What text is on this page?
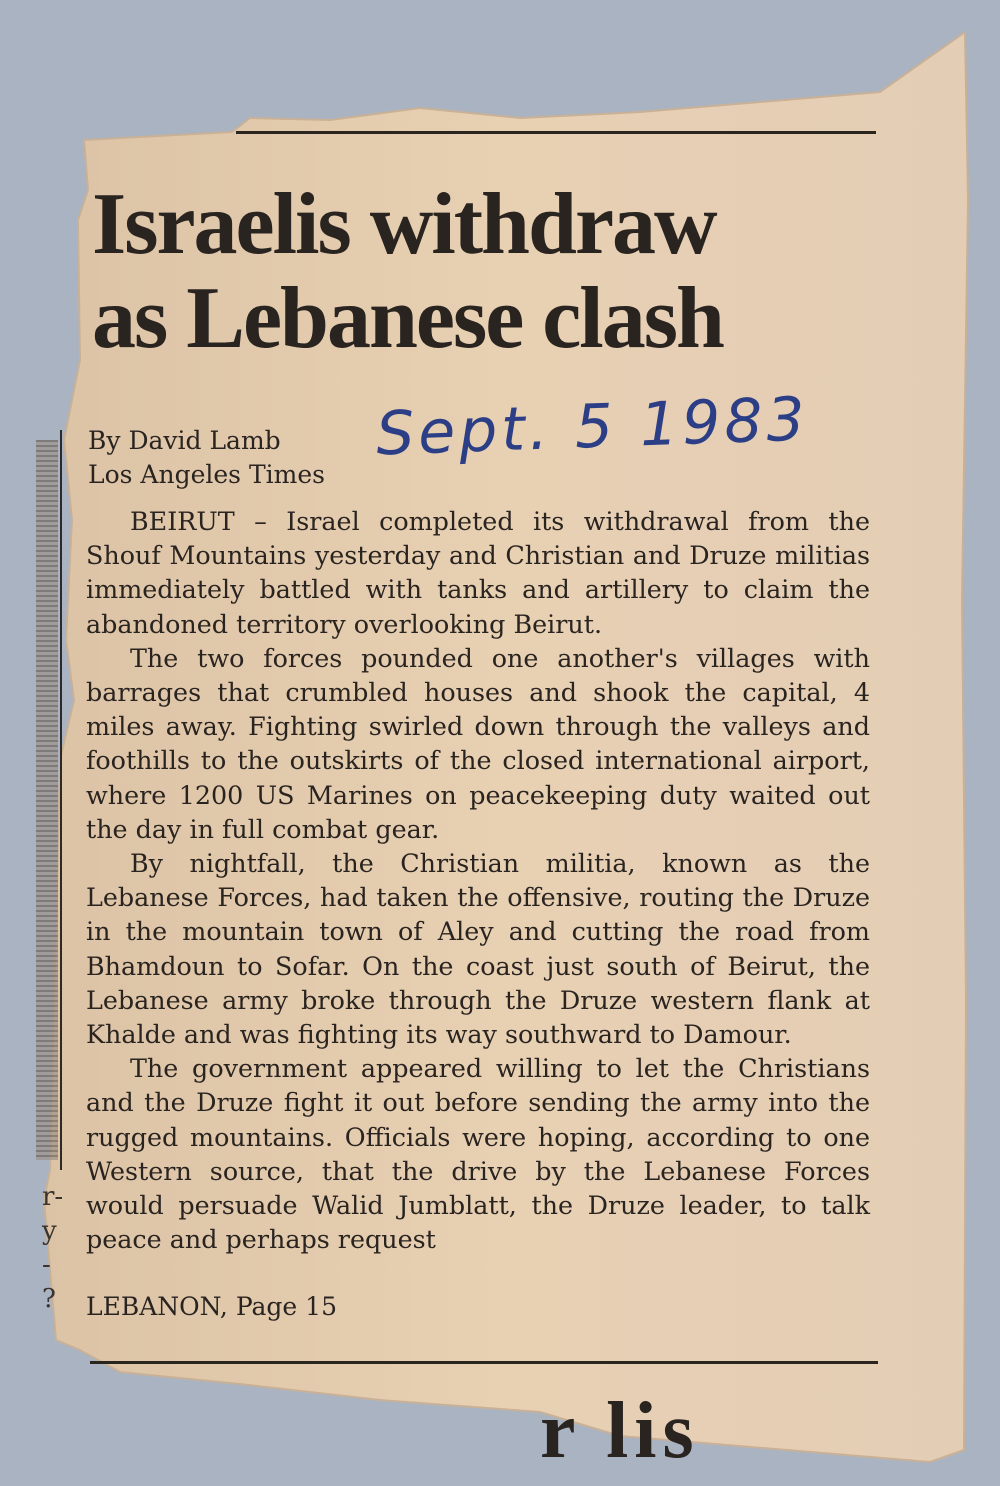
r-
y
-
?
Israelis withdraw
as Lebanese clash
By David Lamb
Los Angeles Times
Sept. 5 1983

BEIRUT – Israel completed its withdrawal from the Shouf Mountains yesterday and Christian and Druze militias immediately battled with tanks and artillery to claim the abandoned territory overlooking Beirut.

The two forces pounded one another's villages with barrages that crumbled houses and shook the capital, 4 miles away. Fighting swirled down through the valleys and foothills to the outskirts of the closed international airport, where 1200 US Marines on peacekeeping duty waited out the day in full combat gear.

By nightfall, the Christian militia, known as the Lebanese Forces, had taken the offensive, routing the Druze in the mountain town of Aley and cutting the road from Bhamdoun to Sofar. On the coast just south of Beirut, the Lebanese army broke through the Druze western flank at Khalde and was fighting its way southward to Damour.

The government appeared willing to let the Christians and the Druze fight it out before sending the army into the rugged mountains. Officials were hoping, according to one Western source, that the drive by the Lebanese Forces would persuade Walid Jumblatt, the Druze leader, to talk peace and perhaps request

LEBANON, Page 15
r lis
